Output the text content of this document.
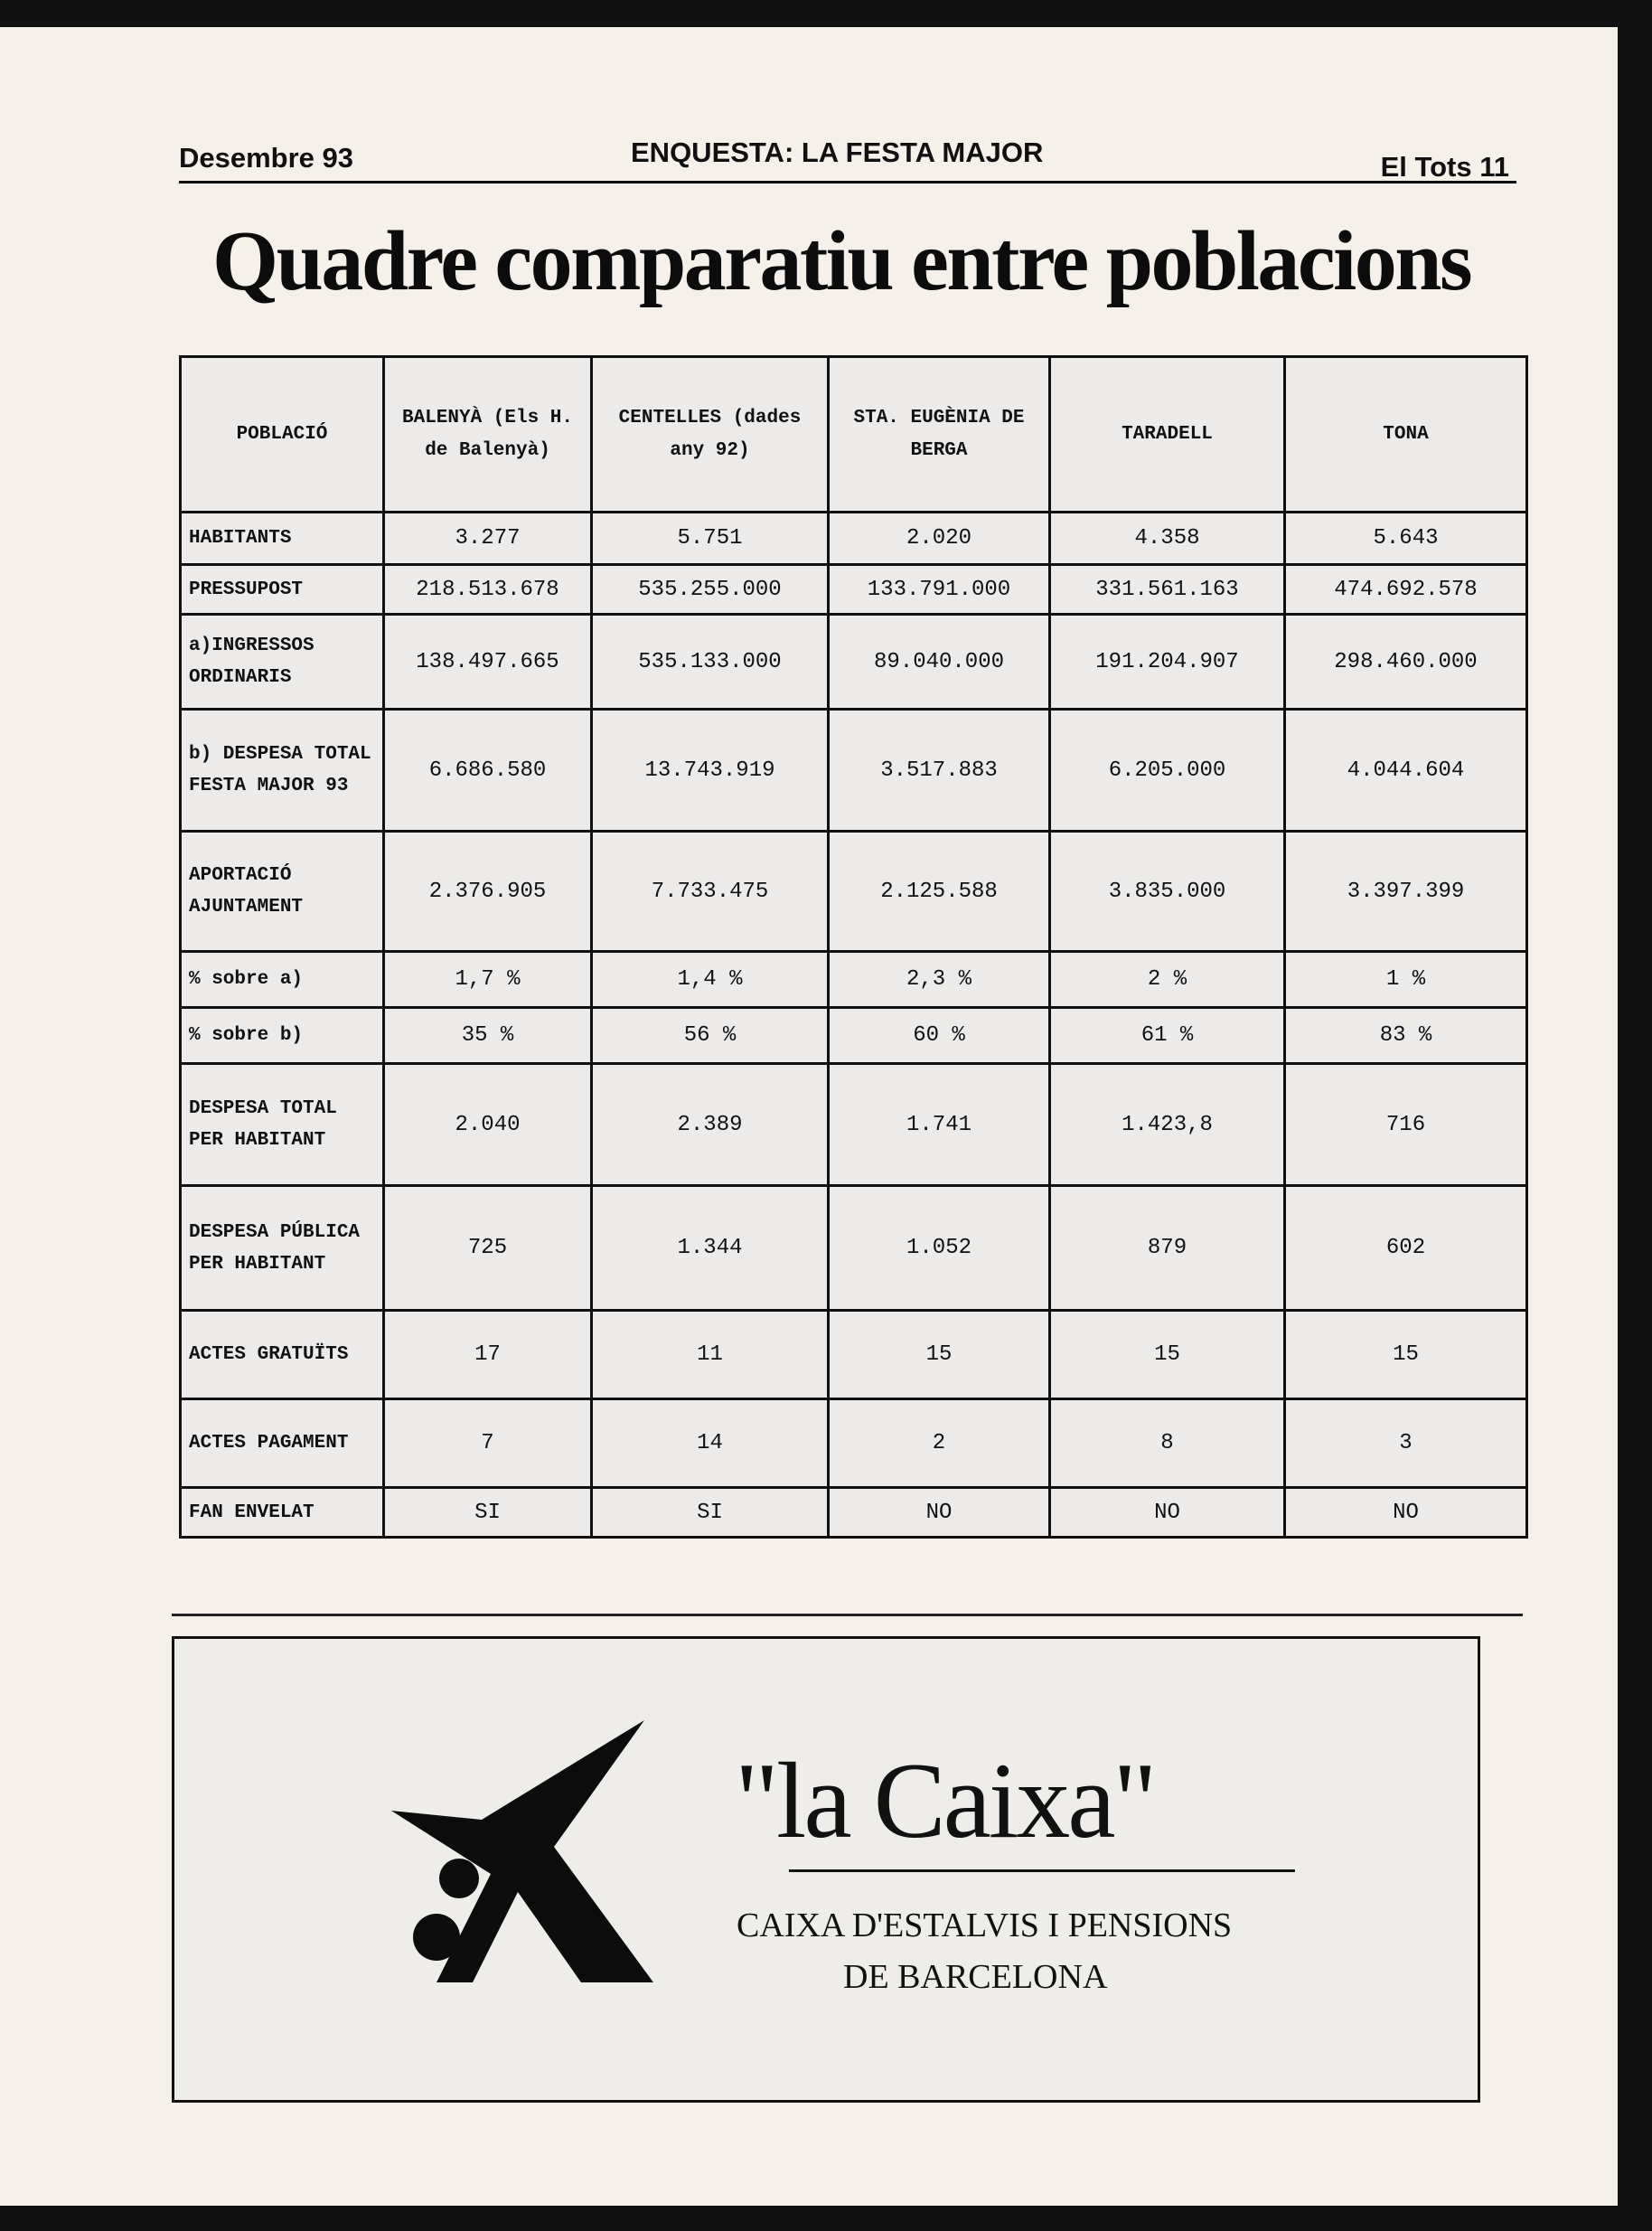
Desembre 93	ENQUESTA: LA FESTA MAJOR	El Tots 11
Quadre comparatiu entre poblacions
POBLACIÓ	BALENYÀ (Els H. de Balenyà)	CENTELLES (dades any 92)	STA. EUGÈNIA DE BERGA	TARADELL	TONA
HABITANTS	3.277	5.751	2.020	4.358	5.643
PRESSUPOST	218.513.678	535.255.000	133.791.000	331.561.163	474.692.578
a)INGRESSOS ORDINARIS	138.497.665	535.133.000	89.040.000	191.204.907	298.460.000
b) DESPESA TOTAL FESTA MAJOR 93	6.686.580	13.743.919	3.517.883	6.205.000	4.044.604
APORTACIÓ AJUNTAMENT	2.376.905	7.733.475	2.125.588	3.835.000	3.397.399
% sobre a)	1,7 %	1,4 %	2,3 %	2 %	1 %
% sobre b)	35 %	56 %	60 %	61 %	83 %
DESPESA TOTAL PER HABITANT	2.040	2.389	1.741	1.423,8	716
DESPESA PÚBLICA PER HABITANT	725	1.344	1.052	879	602
ACTES GRATUÏTS	17	11	15	15	15
ACTES PAGAMENT	7	14	2	8	3
FAN ENVELAT	SI	SI	NO	NO	NO
"la Caixa"
CAIXA D'ESTALVIS I PENSIONS
DE BARCELONA
